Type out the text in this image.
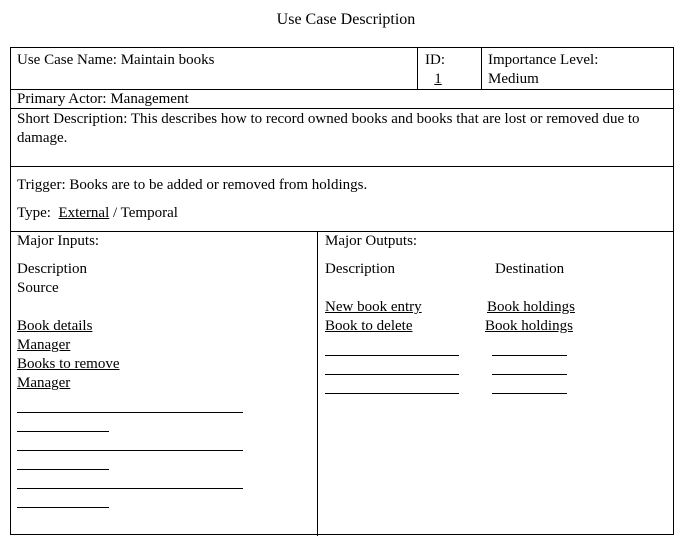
Use Case Description
Use Case Name: Maintain books	ID:
1
Importance Level:
Medium
Primary Actor: Management
Short Description: This describes how to record owned books and books that are lost or removed due to damage.
Trigger: Books are to be added or removed from holdings.
Type: External / Temporal
Major Inputs:
Description
Source
Book details
Manager
Books to remove
Manager
Major Outputs:
Description	Destination
New book entry	Book holdings
Book to delete	Book holdings
